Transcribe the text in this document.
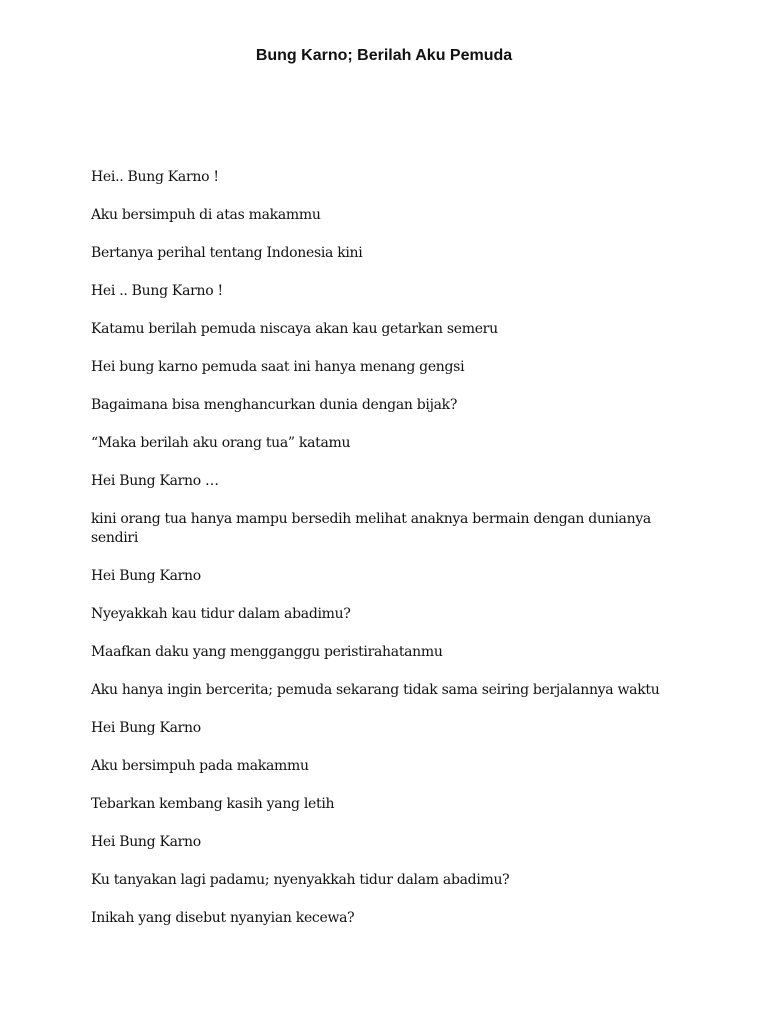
Bung Karno; Berilah Aku Pemuda

Hei.. Bung Karno !

Aku bersimpuh di atas makammu

Bertanya perihal tentang Indonesia kini

Hei .. Bung Karno !

Katamu berilah pemuda niscaya akan kau getarkan semeru

Hei bung karno pemuda saat ini hanya menang gengsi

Bagaimana bisa menghancurkan dunia dengan bijak?

“Maka berilah aku orang tua” katamu

Hei Bung Karno …

kini orang tua hanya mampu bersedih melihat anaknya bermain dengan dunianya sendiri

Hei Bung Karno

Nyeyakkah kau tidur dalam abadimu?

Maafkan daku yang mengganggu peristirahatanmu

Aku hanya ingin bercerita; pemuda sekarang tidak sama seiring berjalannya waktu

Hei Bung Karno

Aku bersimpuh pada makammu

Tebarkan kembang kasih yang letih

Hei Bung Karno

Ku tanyakan lagi padamu; nyenyakkah tidur dalam abadimu?

Inikah yang disebut nyanyian kecewa?
